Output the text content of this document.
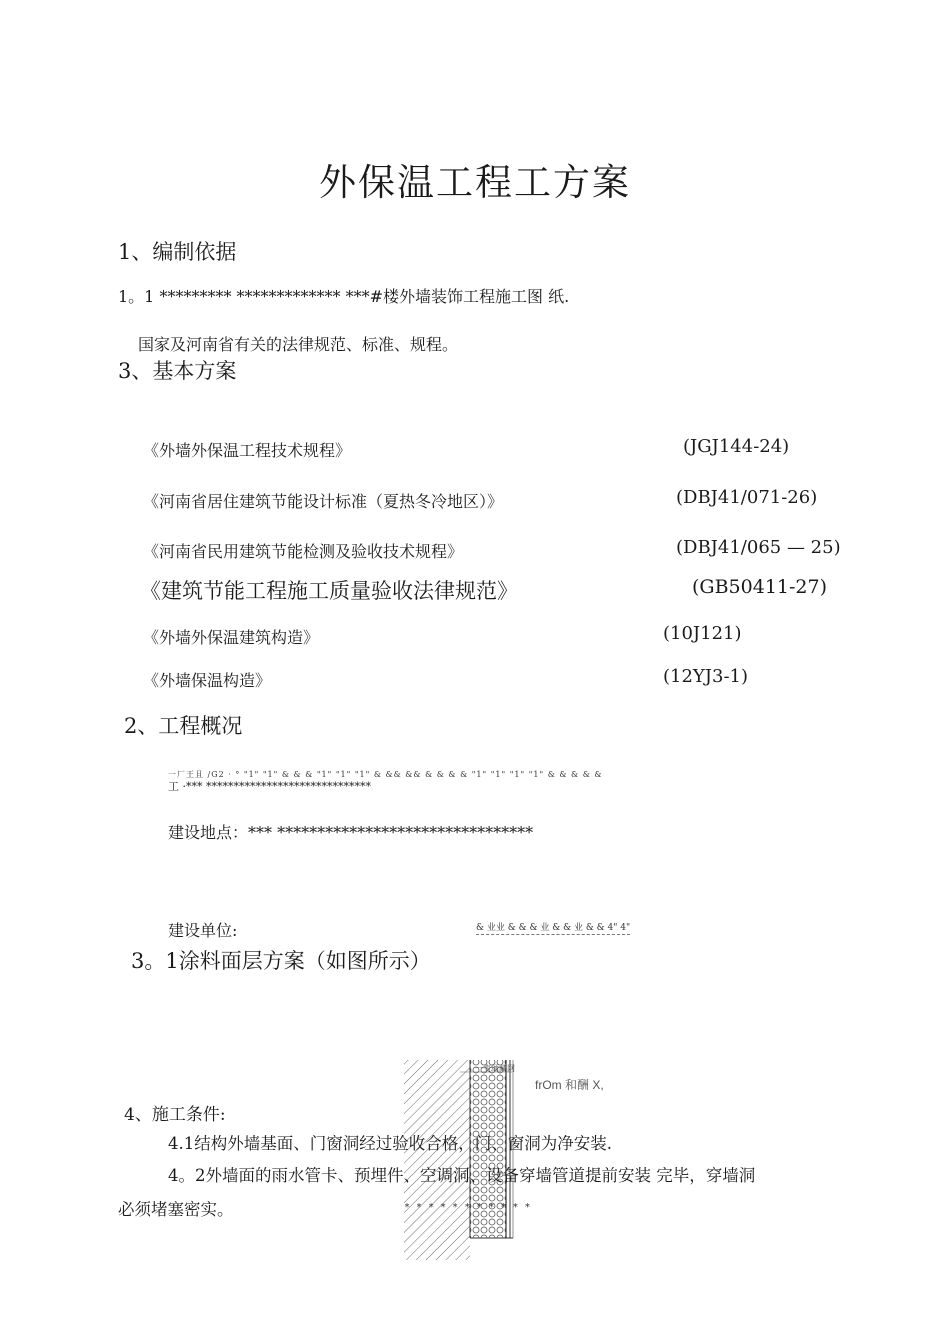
外保温工程工方案
1、编制依据
1。1 ********* ************* ***#楼外墙装饰工程施工图 纸.
国家及河南省有关的法律规范、标准、规程。
3、基本方案
《外墙外保温工程技术规程》	(JGJ144-24)
《河南省居住建筑节能设计标准（夏热冬冷地区）》	(DBJ41/071-26)
《河南省民用建筑节能检测及验收技术规程》	(DBJ41/065 — 25)
《建筑节能工程施工质量验收法律规范》	(GB50411-27)
《外墙外保温建筑构造》	(10J121)
《外墙保温构造》	(12YJ3-1)
2、工程概况
一厂王且 /G2 · ° "1" "1" & & & "1" "1" "1" & && && & & & & "1" "1" "1" "1" & & & & &
工 ·*** ******************************
建设地点：*** ********************************
建设单位:	& 业业 & & & 业 & & 业 & & 4" 4"
3。1涂料面层方案（如图所示）
一变颂藏网
frOm 和酬 X,
* * * * * * * * * * *
4、施工条件:
4.1结构外墙基面、门窗洞经过验收合格，门、窗洞为净安装.
4。2外墙面的雨水管卡、预埋件、空调洞、设备穿墙管道提前安装 完毕，穿墙洞
必须堵塞密实。
